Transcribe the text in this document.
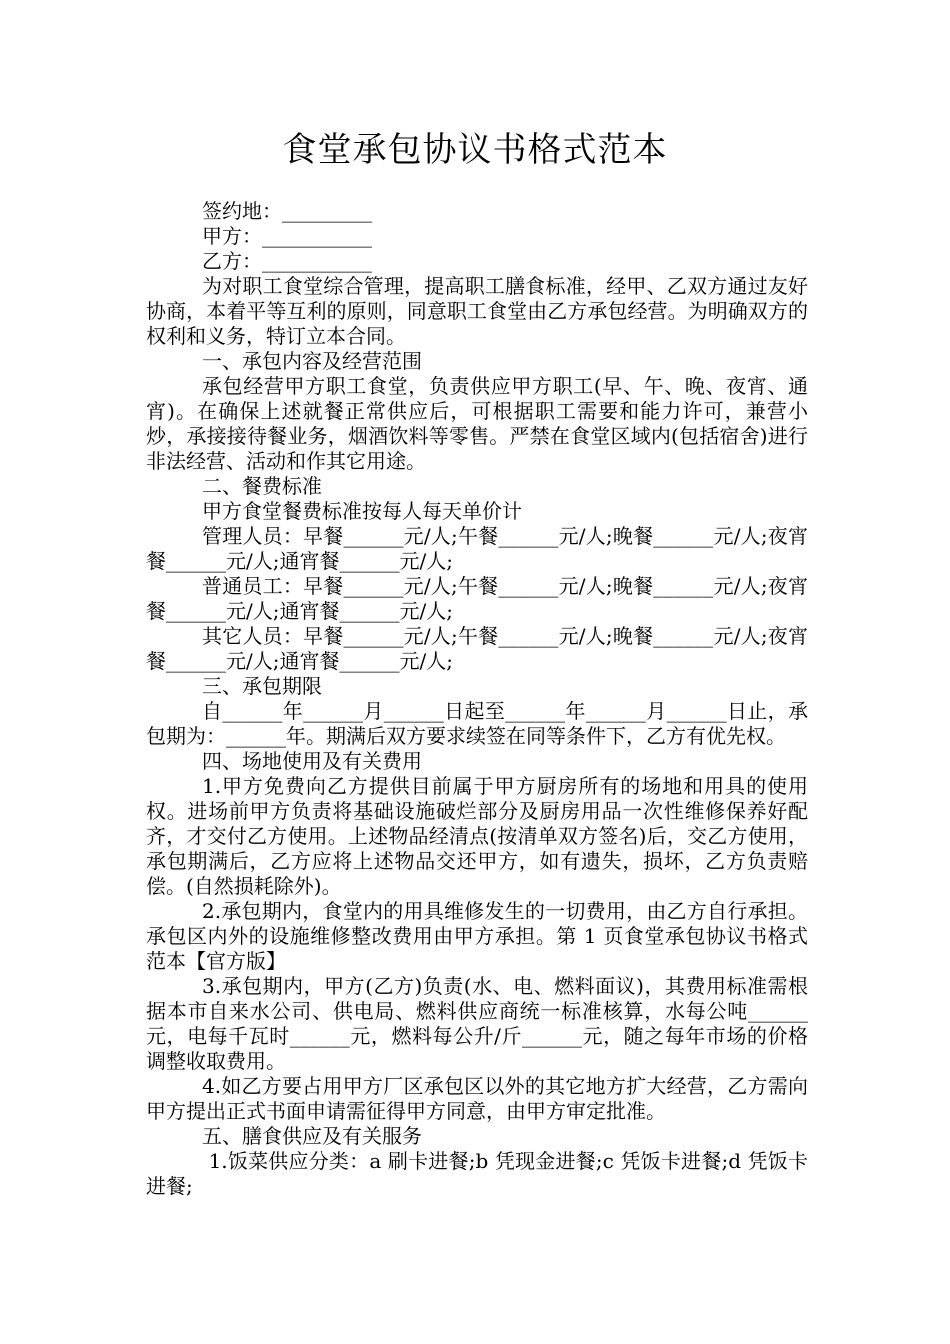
食堂承包协议书格式范本

签约地：_________

甲方：___________

乙方：___________

为对职工食堂综合管理，提高职工膳食标准，经甲、乙双方通过友好协商，本着平等互利的原则，同意职工食堂由乙方承包经营。为明确双方的权利和义务，特订立本合同。

一、承包内容及经营范围

承包经营甲方职工食堂，负责供应甲方职工(早、午、晚、夜宵、通宵)。在确保上述就餐正常供应后，可根据职工需要和能力许可，兼营小炒，承接接待餐业务，烟酒饮料等零售。严禁在食堂区域内(包括宿舍)进行非法经营、活动和作其它用途。

二、餐费标准

甲方食堂餐费标准按每人每天单价计

管理人员：早餐______元/人;午餐______元/人;晚餐______元/人;夜宵餐______元/人;通宵餐______元/人;

普通员工：早餐______元/人;午餐______元/人;晚餐______元/人;夜宵餐______元/人;通宵餐______元/人;

其它人员：早餐______元/人;午餐______元/人;晚餐______元/人;夜宵餐______元/人;通宵餐______元/人;

三、承包期限

自______年______月______日起至______年______月______日止，承包期为：______年。期满后双方要求续签在同等条件下，乙方有优先权。

四、场地使用及有关费用

1.甲方免费向乙方提供目前属于甲方厨房所有的场地和用具的使用权。进场前甲方负责将基础设施破烂部分及厨房用品一次性维修保养好配齐，才交付乙方使用。上述物品经清点(按清单双方签名)后，交乙方使用，承包期满后，乙方应将上述物品交还甲方，如有遗失，损坏，乙方负责赔偿。(自然损耗除外)。

2.承包期内，食堂内的用具维修发生的一切费用，由乙方自行承担。承包区内外的设施维修整改费用由甲方承担。第 1 页食堂承包协议书格式范本【官方版】

3.承包期内，甲方(乙方)负责(水、电、燃料面议)，其费用标准需根据本市自来水公司、供电局、燃料供应商统一标准核算，水每公吨______元，电每千瓦时______元，燃料每公升/斤______元，随之每年市场的价格调整收取费用。

4.如乙方要占用甲方厂区承包区以外的其它地方扩大经营，乙方需向甲方提出正式书面申请需征得甲方同意，由甲方审定批准。

五、膳食供应及有关服务

1.饭菜供应分类：a 刷卡进餐;b 凭现金进餐;c 凭饭卡进餐;d 凭饭卡进餐;
